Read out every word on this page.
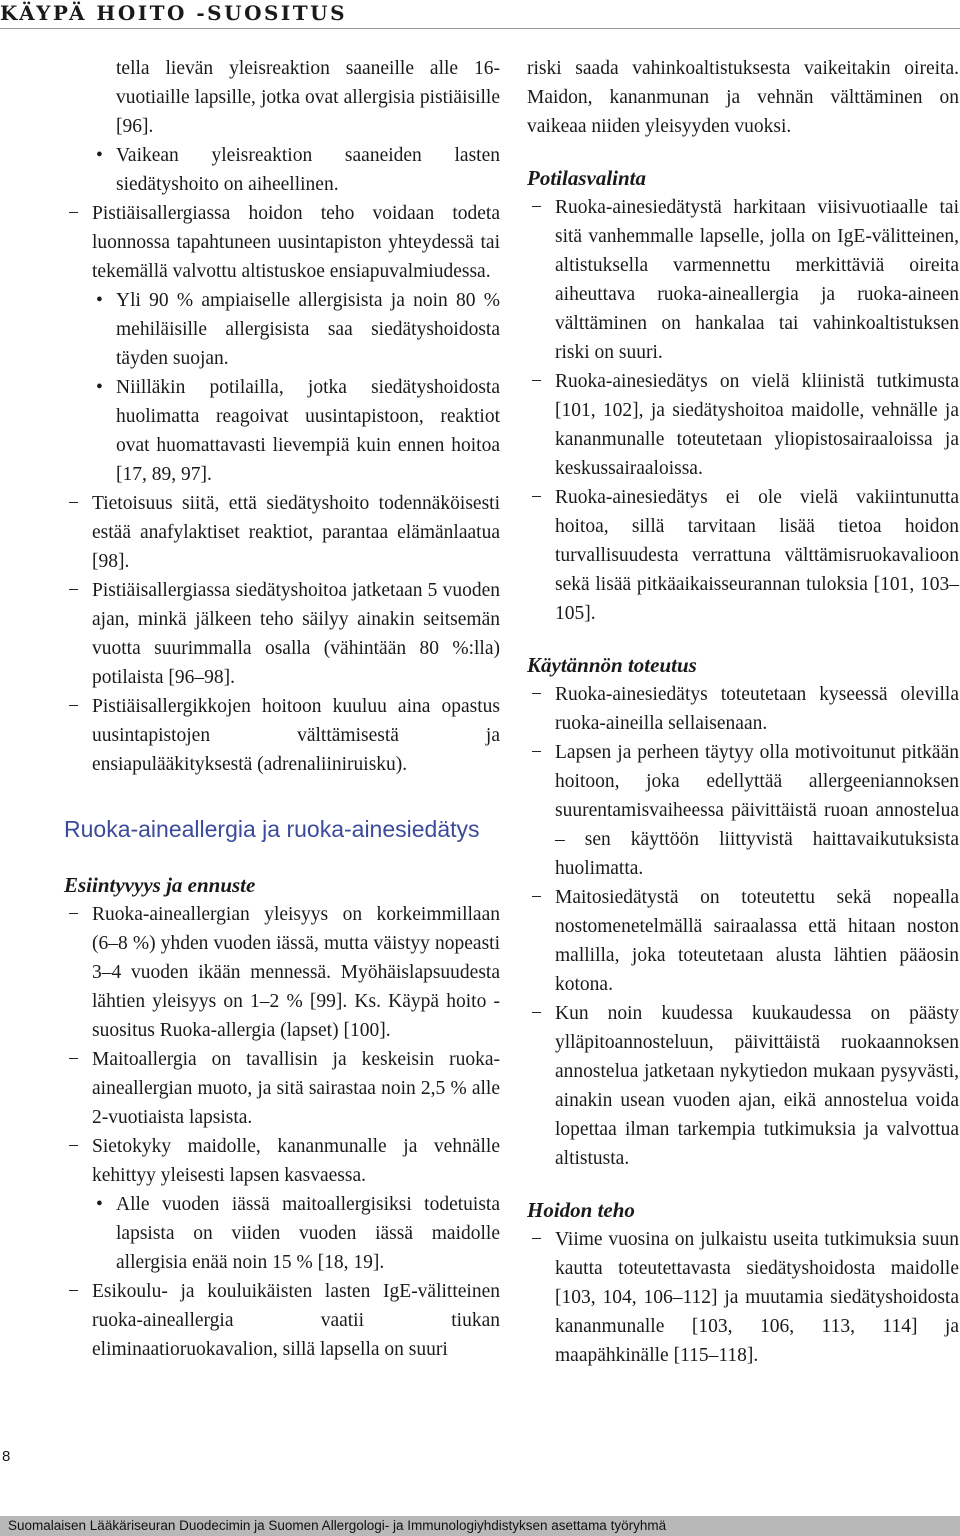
KÄYPÄ HOITO -SUOSITUS

tella lievän yleisreaktion saaneille alle 16-vuotiaille lapsille, jotka ovat allergisia pistiäisille [96].

• Vaikean yleisreaktion saaneiden lasten siedätyshoito on aiheellinen.
− Pistiäisallergiassa hoidon teho voidaan todeta luonnossa tapahtuneen uusintapiston yhteydessä tai tekemällä valvottu altistuskoe ensiapuvalmiudessa.
• Yli 90 % ampiaiselle allergisista ja noin 80 % mehiläisille allergisista saa siedätyshoidosta täyden suojan.
• Niilläkin potilailla, jotka siedätyshoidosta huolimatta reagoivat uusintapistoon, reaktiot ovat huomattavasti lievempiä kuin ennen hoitoa [17, 89, 97].
− Tietoisuus siitä, että siedätyshoito todennäköisesti estää anafylaktiset reaktiot, parantaa elämänlaatua [98].
− Pistiäisallergiassa siedätyshoitoa jatketaan 5 vuoden ajan, minkä jälkeen teho säilyy ainakin seitsemän vuotta suurimmalla osalla (vähintään 80 %:lla) potilaista [96–98].
− Pistiäisallergikkojen hoitoon kuuluu aina opastus uusintapistojen välttämisestä ja ensiapulääkityksestä (adrenaliiniruisku).
Ruoka-aineallergia ja ruoka-ainesiedätys

Esiintyvyys ja ennuste

− Ruoka-aineallergian yleisyys on korkeimmillaan (6–8 %) yhden vuoden iässä, mutta väistyy nopeasti 3–4 vuoden ikään mennessä. Myöhäislapsuudesta lähtien yleisyys on 1–2 % [99]. Ks. Käypä hoito -suositus Ruoka-allergia (lapset) [100].
− Maitoallergia on tavallisin ja keskeisin ruoka-aineallergian muoto, ja sitä sairastaa noin 2,5 % alle 2-vuotiaista lapsista.
− Sietokyky maidolle, kananmunalle ja vehnälle kehittyy yleisesti lapsen kasvaessa.
• Alle vuoden iässä maitoallergisiksi todetuista lapsista on viiden vuoden iässä maidolle allergisia enää noin 15 % [18, 19].
− Esikoulu- ja kouluikäisten lasten IgE-välitteinen ruoka-aineallergia vaatii tiukan eliminaatioruokavalion, sillä lapsella on suuri

riski saada vahinkoaltistuksesta vaikeitakin oireita. Maidon, kananmunan ja vehnän välttäminen on vaikeaa niiden yleisyyden vuoksi.

Potilasvalinta

− Ruoka-ainesiedätystä harkitaan viisivuotiaalle tai sitä vanhemmalle lapselle, jolla on IgE-välitteinen, altistuksella varmennettu merkittäviä oireita aiheuttava ruoka-aineallergia ja ruoka-aineen välttäminen on hankalaa tai vahinkoaltistuksen riski on suuri.
− Ruoka-ainesiedätys on vielä kliinistä tutkimusta [101, 102], ja siedätyshoitoa maidolle, vehnälle ja kananmunalle toteutetaan yliopistosairaaloissa ja keskussairaaloissa.
− Ruoka-ainesiedätys ei ole vielä vakiintunutta hoitoa, sillä tarvitaan lisää tietoa hoidon turvallisuudesta verrattuna välttämisruokavalioon sekä lisää pitkäaikaisseurannan tuloksia [101, 103–105].

Käytännön toteutus

− Ruoka-ainesiedätys toteutetaan kyseessä olevilla ruoka-aineilla sellaisenaan.
− Lapsen ja perheen täytyy olla motivoitunut pitkään hoitoon, joka edellyttää allergeeniannoksen suurentamisvaiheessa päivittäistä ruoan annostelua – sen käyttöön liittyvistä haittavaikutuksista huolimatta.
− Maitosiedätystä on toteutettu sekä nopealla nostomenetelmällä sairaalassa että hitaan noston mallilla, joka toteutetaan alusta lähtien pääosin kotona.
− Kun noin kuudessa kuukaudessa on päästy ylläpitoannosteluun, päivittäistä ruokaannoksen annostelua jatketaan nykytiedon mukaan pysyvästi, ainakin usean vuoden ajan, eikä annostelua voida lopettaa ilman tarkempia tutkimuksia ja valvottua altistusta.

Hoidon teho

− Viime vuosina on julkaistu useita tutkimuksia suun kautta toteutettavasta siedätyshoidosta maidolle [103, 104, 106–112] ja muutamia siedätyshoidosta kananmunalle [103, 106, 113, 114] ja maapähkinälle [115–118].
8
Suomalaisen Lääkäriseuran Duodecimin ja Suomen Allergologi- ja Immunologiyhdistyksen asettama työryhmä
